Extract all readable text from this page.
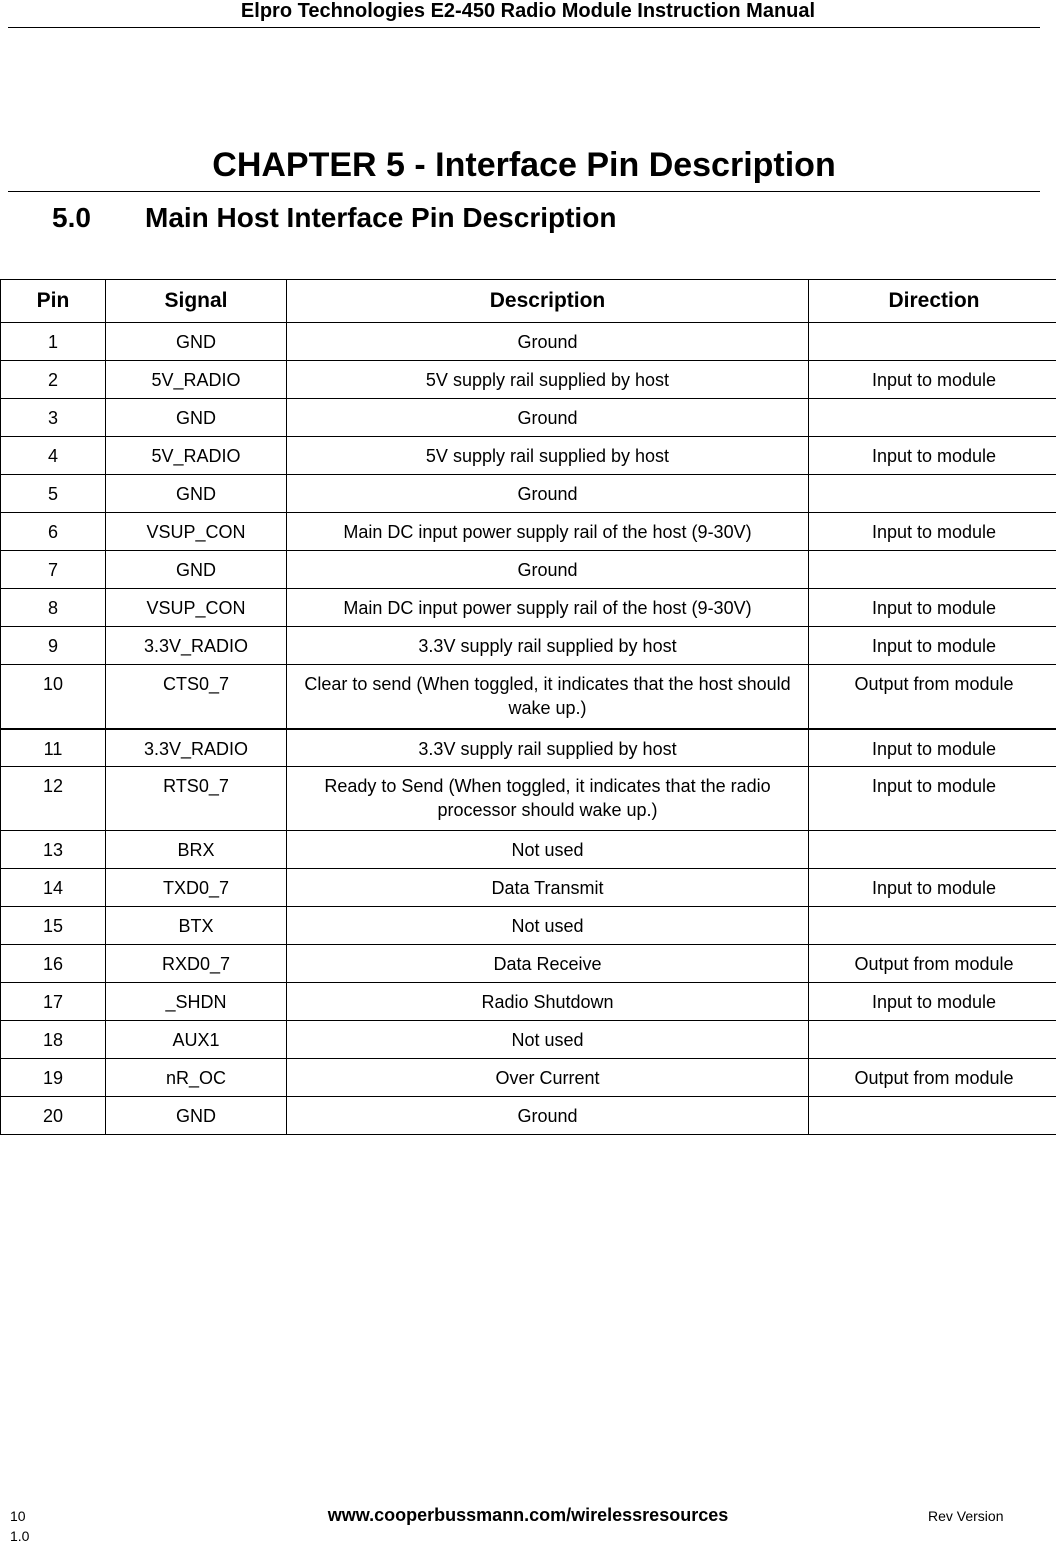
Elpro Technologies E2-450 Radio Module Instruction Manual
CHAPTER 5 - Interface Pin Description
5.0 Main Host Interface Pin Description
Pin	Signal	Description	Direction
1	GND	Ground	
2	5V_RADIO	5V supply rail supplied by host	Input to module
3	GND	Ground	
4	5V_RADIO	5V supply rail supplied by host	Input to module
5	GND	Ground	
6	VSUP_CON	Main DC input power supply rail of the host (9-30V)	Input to module
7	GND	Ground	
8	VSUP_CON	Main DC input power supply rail of the host (9-30V)	Input to module
9	3.3V_RADIO	3.3V supply rail supplied by host	Input to module
10	CTS0_7	Clear to send (When toggled, it indicates that the host should wake up.)	Output from module
11	3.3V_RADIO	3.3V supply rail supplied by host	Input to module
12	RTS0_7	Ready to Send (When toggled, it indicates that the radio processor should wake up.)	Input to module
13	BRX	Not used	
14	TXD0_7	Data Transmit	Input to module
15	BTX	Not used	
16	RXD0_7	Data Receive	Output from module
17	_SHDN	Radio Shutdown	Input to module
18	AUX1	Not used	
19	nR_OC	Over Current	Output from module
20	GND	Ground	
10	www.cooperbussmann.com/wirelessresources	Rev Version
1.0
